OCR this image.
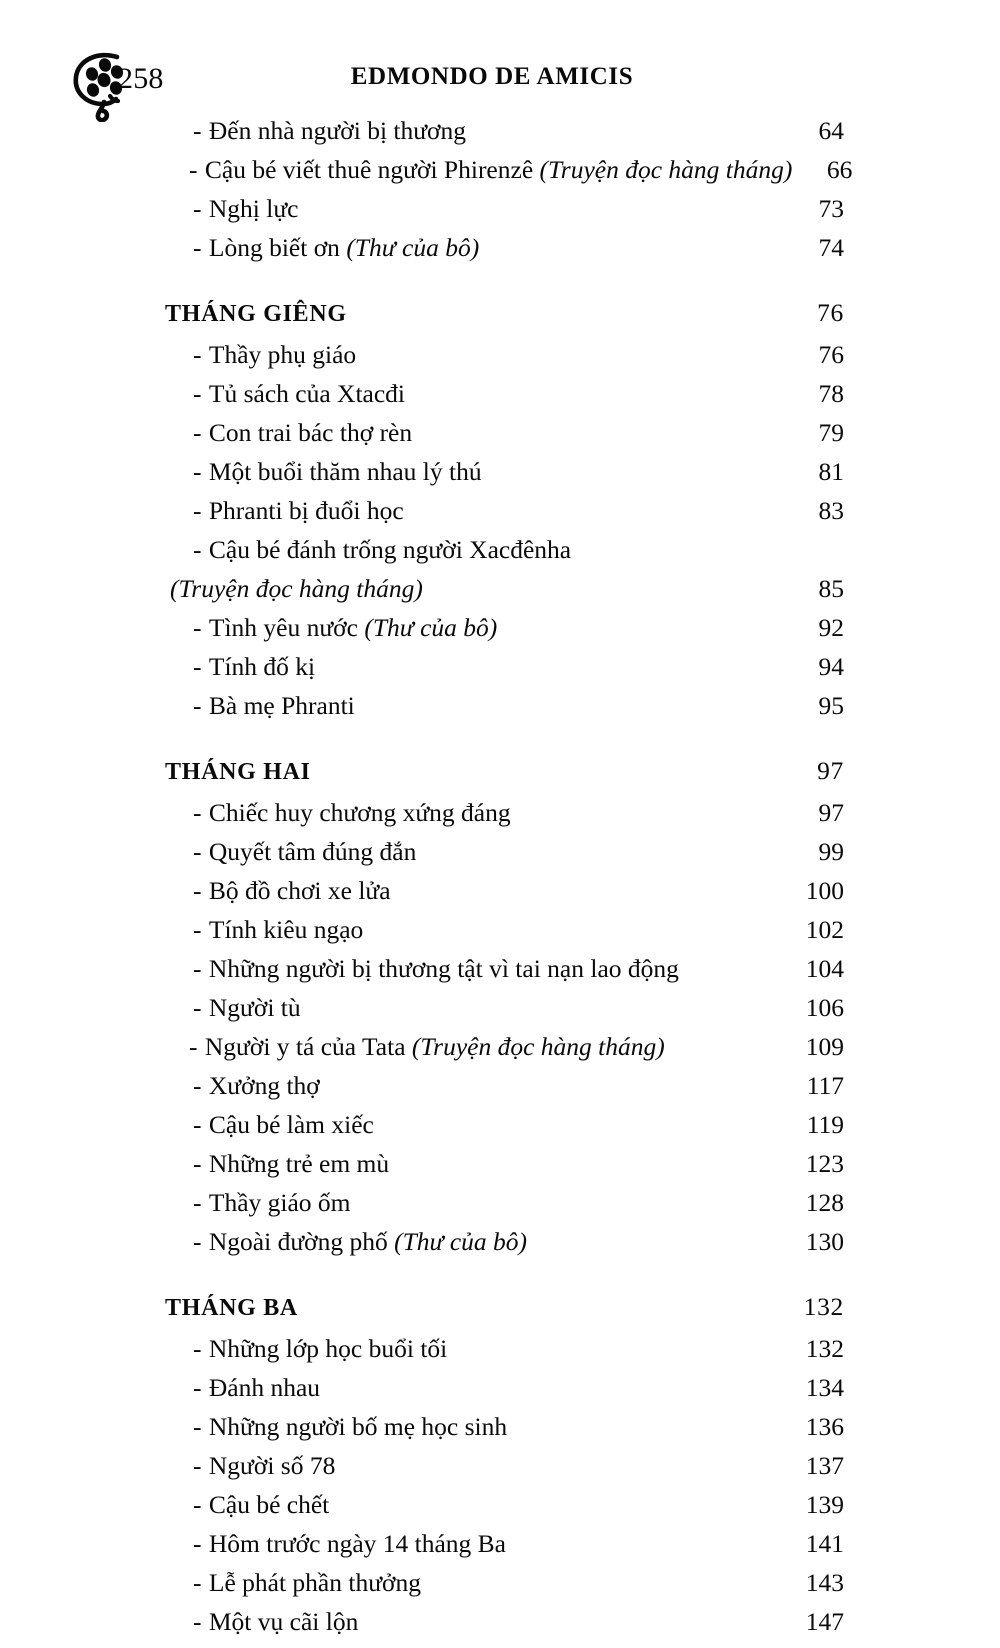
258	EDMONDO DE AMICIS
- Đến nhà người bị thương	64
- Cậu bé viết thuê người Phirenzê (Truyện đọc hàng tháng)	66
- Nghị lực	73
- Lòng biết ơn (Thư của bô)	74
THÁNG GIÊNG	76
- Thầy phụ giáo	76
- Tủ sách của Xtacđi	78
- Con trai bác thợ rèn	79
- Một buổi thăm nhau lý thú	81
- Phranti bị đuổi học	83
- Cậu bé đánh trống người Xacđênha
(Truyện đọc hàng tháng)	85
- Tình yêu nước (Thư của bô)	92
- Tính đố kị	94
- Bà mẹ Phranti	95
THÁNG HAI	97
- Chiếc huy chương xứng đáng	97
- Quyết tâm đúng đắn	99
- Bộ đồ chơi xe lửa	100
- Tính kiêu ngạo	102
- Những người bị thương tật vì tai nạn lao động	104
- Người tù	106
- Người y tá của Tata (Truyện đọc hàng tháng)	109
- Xưởng thợ	117
- Cậu bé làm xiếc	119
- Những trẻ em mù	123
- Thầy giáo ốm	128
- Ngoài đường phố (Thư của bô)	130
THÁNG BA	132
- Những lớp học buổi tối	132
- Đánh nhau	134
- Những người bố mẹ học sinh	136
- Người số 78	137
- Cậu bé chết	139
- Hôm trước ngày 14 tháng Ba	141
- Lễ phát phần thưởng	143
- Một vụ cãi lộn	147
